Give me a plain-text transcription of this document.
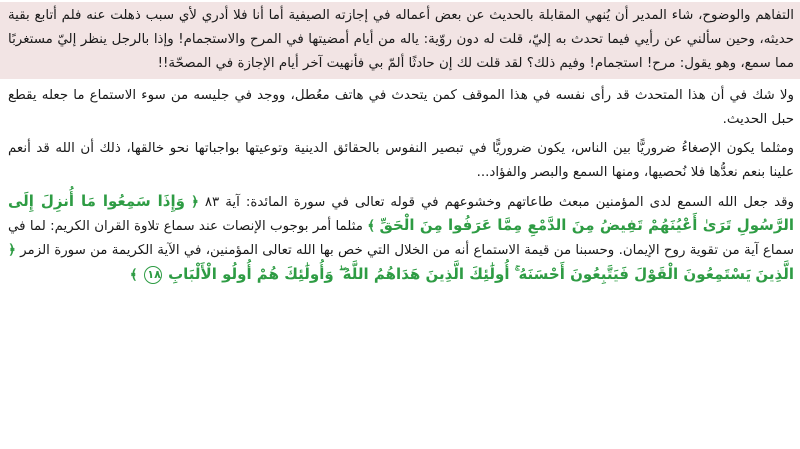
التفاهم والوضوح، شاء المدير أن يُنهي المقابلة بالحديث عن بعض أعماله في إجازته الصيفية أما أنا فلا أدري لأي سبب ذهلت عنه فلم أتابع بقية حديثه، وحين سألني عن رأيي فيما تحدث به إليّ، قلت له دون روّية: ياله من أيام أمضيتها في المرح والاستجمام! وإذا بالرجل ينظر إليّ مستغربًا مما سمع، وهو يقول: مرح! استجمام! وفيم ذلك؟ لقد قلت لك إن حادثًا ألمّ بي فأنهيت آخر أيام الإجازة في المصحّة!!

ولا شك في أن هذا المتحدث قد رأى نفسه في هذا الموقف كمن يتحدث في هاتف معُطل، ووجد في جليسه من سوء الاستماع ما جعله يقطع حبل الحديث.

ومثلما يكون الإصغاءُ ضروريًّا بين الناس، يكون ضروريًّا في تبصير النفوس بالحقائق الدينية وتوعيتها بواجباتها نحو خالقها، ذلك أن الله قد أنعم علينا بنعم نعدُّها فلا نُحصيها، ومنها السمع والبصر والفؤاد...

وقد جعل الله السمع لدى المؤمنين مبعث طاعاتهم وخشوعهم في قوله تعالى في سورة المائدة: آية ٨٣ ﴿ وَإِذَا سَمِعُوا مَا أُنزِلَ إِلَى الرَّسُولِ تَرَىٰ أَعْيُنَهُمْ تَفِيضُ مِنَ الدَّمْعِ مِمَّا عَرَفُوا مِنَ الْحَقِّ ﴾ مثلما أمر بوجوب الإنصات عند سماع تلاوة القران الكريم: لما في سماع آية من تقوية روح الإيمان. وحسبنا من قيمة الاستماع أنه من الخلال التي خص بها الله تعالى المؤمنين، في الآية الكريمة من سورة الزمر ﴿ الَّذِينَ يَسْتَمِعُونَ الْقَوْلَ فَيَتَّبِعُونَ أَحْسَنَهُ ۚ أُولَٰئِكَ الَّذِينَ هَدَاهُمُ اللَّهُ ۖ وَأُولَٰئِكَ هُمْ أُولُو الْأَلْبَابِ ١٨ ﴾
